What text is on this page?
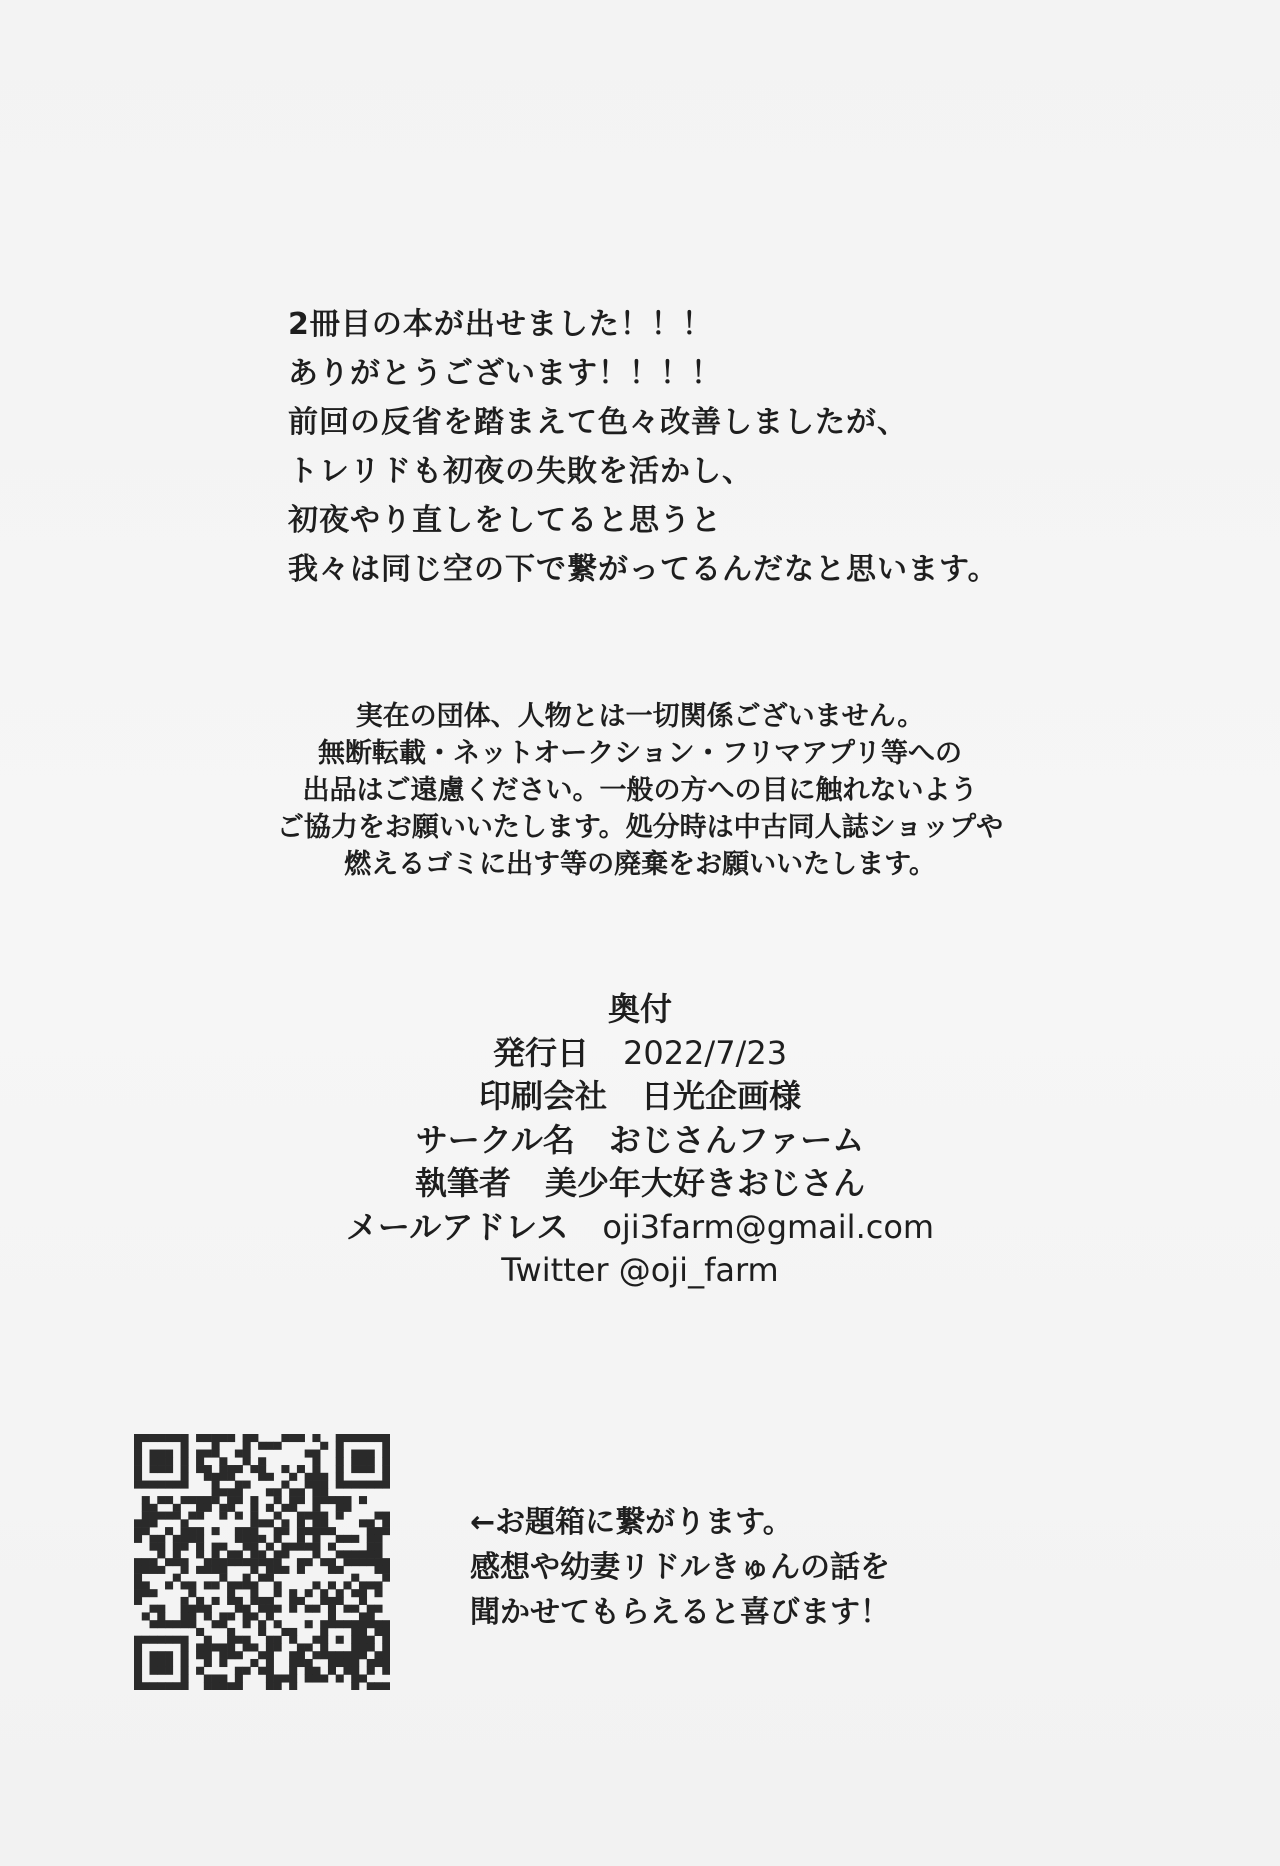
2冊目の本が出せました！！！
ありがとうございます！！！！
前回の反省を踏まえて色々改善しましたが、
トレリドも初夜の失敗を活かし、
初夜やり直しをしてると思うと
我々は同じ空の下で繋がってるんだなと思います。
実在の団体、人物とは一切関係ございません。
無断転載・ネットオークション・フリマアプリ等への
出品はご遠慮ください。一般の方への目に触れないよう
ご協力をお願いいたします。処分時は中古同人誌ショップや
燃えるゴミに出す等の廃棄をお願いいたします。
奥付
発行日 2022/7/23
印刷会社 日光企画様
サークル名 おじさんファーム
執筆者 美少年大好きおじさん
メールアドレス oji3farm@gmail.com
Twitter @oji_farm
←お題箱に繋がります。
感想や幼妻リドルきゅんの話を
聞かせてもらえると喜びます！
